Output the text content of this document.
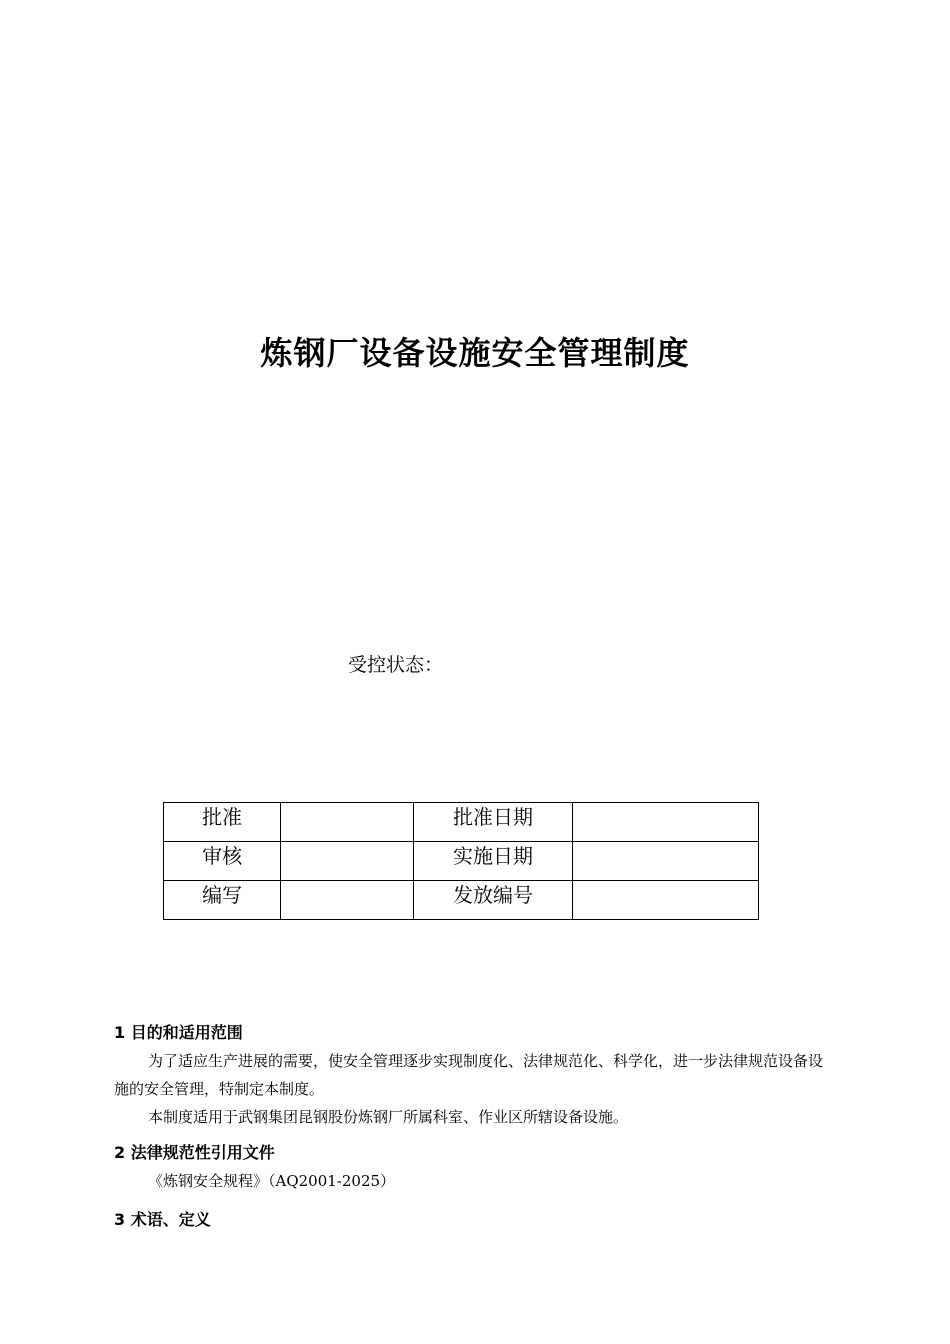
炼钢厂设备设施安全管理制度
受控状态：
批准		批准日期	
审核		实施日期	
编写		发放编号	
1 目的和适用范围

为了适应生产进展的需要，使安全管理逐步实现制度化、法律规范化、科学化，进一步法律规范设备设施的安全管理，特制定本制度。

本制度适用于武钢集团昆钢股份炼钢厂所属科室、作业区所辖设备设施。

2 法律规范性引用文件

《炼钢安全规程》（AQ2001-2025）

3 术语、定义
